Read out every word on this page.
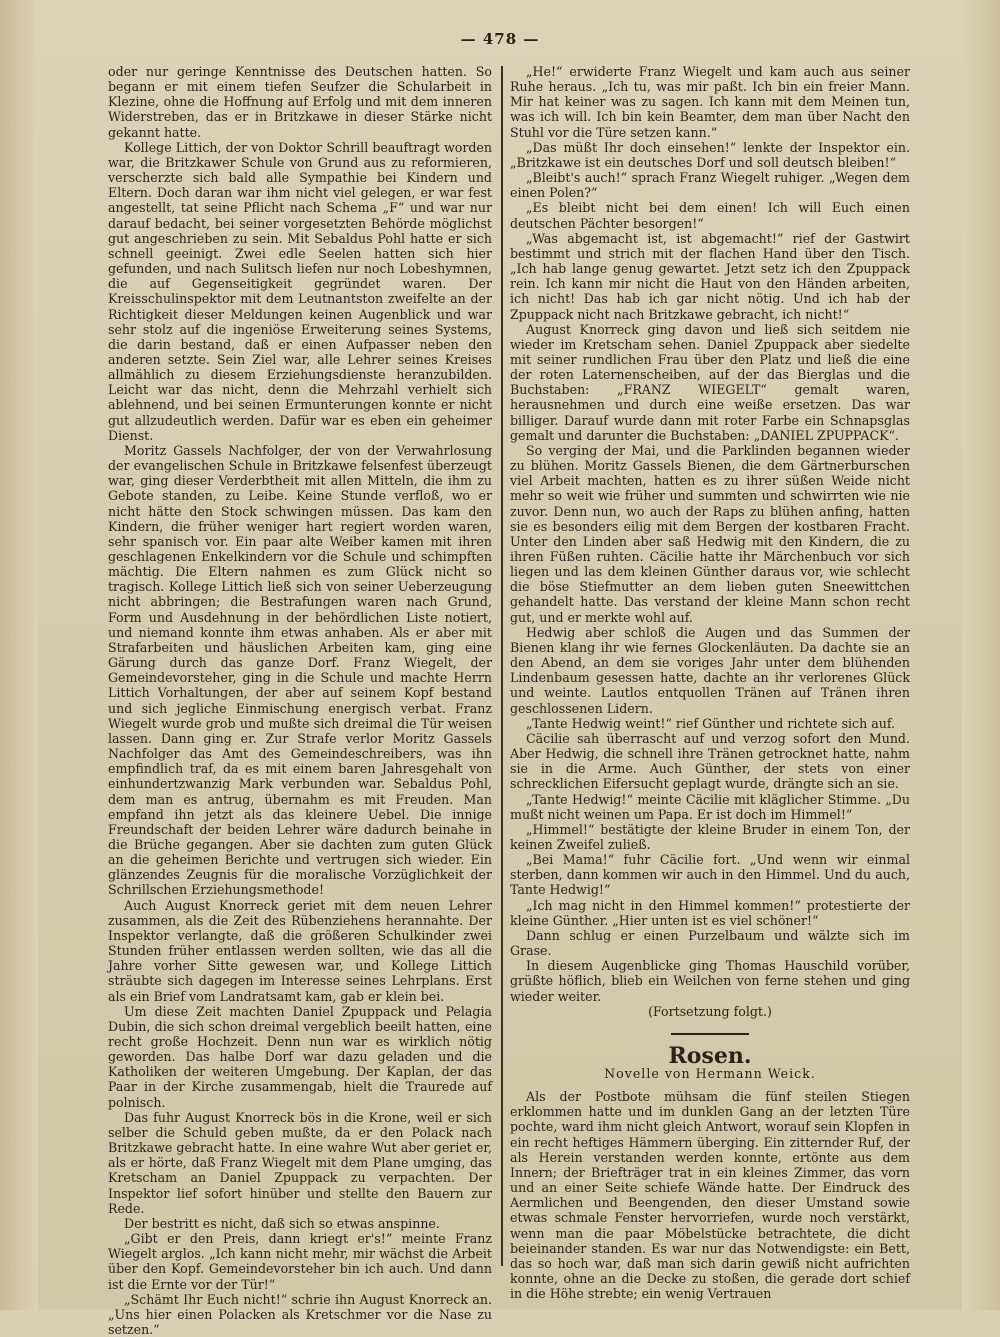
— 478 —

oder nur geringe Kenntnisse des Deutschen hatten. So begann er mit einem tiefen Seufzer die Schularbeit in Klezine, ohne die Hoffnung auf Erfolg und mit dem inneren Widerstreben, das er in Britzkawe in dieser Stärke nicht gekannt hatte.

Kollege Littich, der von Doktor Schrill beauftragt worden war, die Britzkawer Schule von Grund aus zu reformieren, verscherzte sich bald alle Sympathie bei Kindern und Eltern. Doch daran war ihm nicht viel gelegen, er war fest angestellt, tat seine Pflicht nach Schema „F“ und war nur darauf bedacht, bei seiner vorgesetzten Behörde möglichst gut angeschrieben zu sein. Mit Sebaldus Pohl hatte er sich schnell geeinigt. Zwei edle Seelen hatten sich hier gefunden, und nach Sulitsch liefen nur noch Lobeshymnen, die auf Gegenseitigkeit gegründet waren. Der Kreisschulinspektor mit dem Leutnantston zweifelte an der Richtigkeit dieser Meldungen keinen Augenblick und war sehr stolz auf die ingeniöse Erweiterung seines Systems, die darin bestand, daß er einen Aufpasser neben den anderen setzte. Sein Ziel war, alle Lehrer seines Kreises allmählich zu diesem Erziehungsdienste heranzubilden. Leicht war das nicht, denn die Mehrzahl verhielt sich ablehnend, und bei seinen Ermunterungen konnte er nicht gut allzudeutlich werden. Dafür war es eben ein geheimer Dienst.

Moritz Gassels Nachfolger, der von der Verwahrlosung der evangelischen Schule in Britzkawe felsenfest überzeugt war, ging dieser Verderbtheit mit allen Mitteln, die ihm zu Gebote standen, zu Leibe. Keine Stunde verfloß, wo er nicht hätte den Stock schwingen müssen. Das kam den Kindern, die früher weniger hart regiert worden waren, sehr spanisch vor. Ein paar alte Weiber kamen mit ihren geschlagenen Enkelkindern vor die Schule und schimpften mächtig. Die Eltern nahmen es zum Glück nicht so tragisch. Kollege Littich ließ sich von seiner Ueberzeugung nicht abbringen; die Bestrafungen waren nach Grund, Form und Ausdehnung in der behördlichen Liste notiert, und niemand konnte ihm etwas anhaben. Als er aber mit Strafarbeiten und häuslichen Arbeiten kam, ging eine Gärung durch das ganze Dorf. Franz Wiegelt, der Gemeindevorsteher, ging in die Schule und machte Herrn Littich Vorhaltungen, der aber auf seinem Kopf bestand und sich jegliche Einmischung energisch verbat. Franz Wiegelt wurde grob und mußte sich dreimal die Tür weisen lassen. Dann ging er. Zur Strafe verlor Moritz Gassels Nachfolger das Amt des Gemeindeschreibers, was ihn empfindlich traf, da es mit einem baren Jahresgehalt von einhundertzwanzig Mark verbunden war. Sebaldus Pohl, dem man es antrug, übernahm es mit Freuden. Man empfand ihn jetzt als das kleinere Uebel. Die innige Freundschaft der beiden Lehrer wäre dadurch beinahe in die Brüche gegangen. Aber sie dachten zum guten Glück an die geheimen Berichte und vertrugen sich wieder. Ein glänzendes Zeugnis für die moralische Vorzüglichkeit der Schrillschen Erziehungsmethode!

Auch August Knorreck geriet mit dem neuen Lehrer zusammen, als die Zeit des Rübenziehens herannahte. Der Inspektor verlangte, daß die größeren Schulkinder zwei Stunden früher entlassen werden sollten, wie das all die Jahre vorher Sitte gewesen war, und Kollege Littich sträubte sich dagegen im Interesse seines Lehrplans. Erst als ein Brief vom Landratsamt kam, gab er klein bei.

Um diese Zeit machten Daniel Zpuppack und Pelagia Dubin, die sich schon dreimal vergeblich beeilt hatten, eine recht große Hochzeit. Denn nun war es wirklich nötig geworden. Das halbe Dorf war dazu geladen und die Katholiken der weiteren Umgebung. Der Kaplan, der das Paar in der Kirche zusammengab, hielt die Traurede auf polnisch.

Das fuhr August Knorreck bös in die Krone, weil er sich selber die Schuld geben mußte, da er den Polack nach Britzkawe gebracht hatte. In eine wahre Wut aber geriet er, als er hörte, daß Franz Wiegelt mit dem Plane umging, das Kretscham an Daniel Zpuppack zu verpachten. Der Inspektor lief sofort hinüber und stellte den Bauern zur Rede.

Der bestritt es nicht, daß sich so etwas anspinne.

„Gibt er den Preis, dann kriegt er's!“ meinte Franz Wiegelt arglos. „Ich kann nicht mehr, mir wächst die Arbeit über den Kopf. Gemeindevorsteher bin ich auch. Und dann ist die Ernte vor der Tür!“

„Schämt Ihr Euch nicht!“ schrie ihn August Knorreck an. „Uns hier einen Polacken als Kretschmer vor die Nase zu setzen.“

„He!“ erwiderte Franz Wiegelt und kam auch aus seiner Ruhe heraus. „Ich tu, was mir paßt. Ich bin ein freier Mann. Mir hat keiner was zu sagen. Ich kann mit dem Meinen tun, was ich will. Ich bin kein Beamter, dem man über Nacht den Stuhl vor die Türe setzen kann.“

„Das müßt Ihr doch einsehen!“ lenkte der Inspektor ein. „Britzkawe ist ein deutsches Dorf und soll deutsch bleiben!“

„Bleibt's auch!“ sprach Franz Wiegelt ruhiger. „Wegen dem einen Polen?“

„Es bleibt nicht bei dem einen! Ich will Euch einen deutschen Pächter besorgen!“

„Was abgemacht ist, ist abgemacht!“ rief der Gastwirt bestimmt und strich mit der flachen Hand über den Tisch. „Ich hab lange genug gewartet. Jetzt setz ich den Zpuppack rein. Ich kann mir nicht die Haut von den Händen arbeiten, ich nicht! Das hab ich gar nicht nötig. Und ich hab der Zpuppack nicht nach Britzkawe gebracht, ich nicht!“

August Knorreck ging davon und ließ sich seitdem nie wieder im Kretscham sehen. Daniel Zpuppack aber siedelte mit seiner rundlichen Frau über den Platz und ließ die eine der roten Laternenscheiben, auf der das Bierglas und die Buchstaben: „FRANZ WIEGELT“ gemalt waren, herausnehmen und durch eine weiße ersetzen. Das war billiger. Darauf wurde dann mit roter Farbe ein Schnapsglas gemalt und darunter die Buchstaben: „DANIEL ZPUPPACK“.

So verging der Mai, und die Parklinden begannen wieder zu blühen. Moritz Gassels Bienen, die dem Gärtnerburschen viel Arbeit machten, hatten es zu ihrer süßen Weide nicht mehr so weit wie früher und summten und schwirrten wie nie zuvor. Denn nun, wo auch der Raps zu blühen anfing, hatten sie es besonders eilig mit dem Bergen der kostbaren Fracht. Unter den Linden aber saß Hedwig mit den Kindern, die zu ihren Füßen ruhten. Cäcilie hatte ihr Märchenbuch vor sich liegen und las dem kleinen Günther daraus vor, wie schlecht die böse Stiefmutter an dem lieben guten Sneewittchen gehandelt hatte. Das verstand der kleine Mann schon recht gut, und er merkte wohl auf.

Hedwig aber schloß die Augen und das Summen der Bienen klang ihr wie fernes Glockenläuten. Da dachte sie an den Abend, an dem sie voriges Jahr unter dem blühenden Lindenbaum gesessen hatte, dachte an ihr verlorenes Glück und weinte. Lautlos entquollen Tränen auf Tränen ihren geschlossenen Lidern.

„Tante Hedwig weint!“ rief Günther und richtete sich auf.

Cäcilie sah überrascht auf und verzog sofort den Mund. Aber Hedwig, die schnell ihre Tränen getrocknet hatte, nahm sie in die Arme. Auch Günther, der stets von einer schrecklichen Eifersucht geplagt wurde, drängte sich an sie.

„Tante Hedwig!“ meinte Cäcilie mit kläglicher Stimme. „Du mußt nicht weinen um Papa. Er ist doch im Himmel!“

„Himmel!“ bestätigte der kleine Bruder in einem Ton, der keinen Zweifel zuließ.

„Bei Mama!“ fuhr Cäcilie fort. „Und wenn wir einmal sterben, dann kommen wir auch in den Himmel. Und du auch, Tante Hedwig!“

„Ich mag nicht in den Himmel kommen!“ protestierte der kleine Günther. „Hier unten ist es viel schöner!“

Dann schlug er einen Purzelbaum und wälzte sich im Grase.

In diesem Augenblicke ging Thomas Hauschild vorüber, grüßte höflich, blieb ein Weilchen von ferne stehen und ging wieder weiter.

(Fortsetzung folgt.)

Rosen.
Novelle von Hermann Weick.

Als der Postbote mühsam die fünf steilen Stiegen erklommen hatte und im dunklen Gang an der letzten Türe pochte, ward ihm nicht gleich Antwort, worauf sein Klopfen in ein recht heftiges Hämmern überging. Ein zitternder Ruf, der als Herein verstanden werden konnte, ertönte aus dem Innern; der Briefträger trat in ein kleines Zimmer, das vorn und an einer Seite schiefe Wände hatte. Der Eindruck des Aermlichen und Beengenden, den dieser Umstand sowie etwas schmale Fenster hervorriefen, wurde noch verstärkt, wenn man die paar Möbelstücke betrachtete, die dicht beieinander standen. Es war nur das Notwendigste: ein Bett, das so hoch war, daß man sich darin gewiß nicht aufrichten konnte, ohne an die Decke zu stoßen, die gerade dort schief in die Höhe strebte; ein wenig Vertrauen
